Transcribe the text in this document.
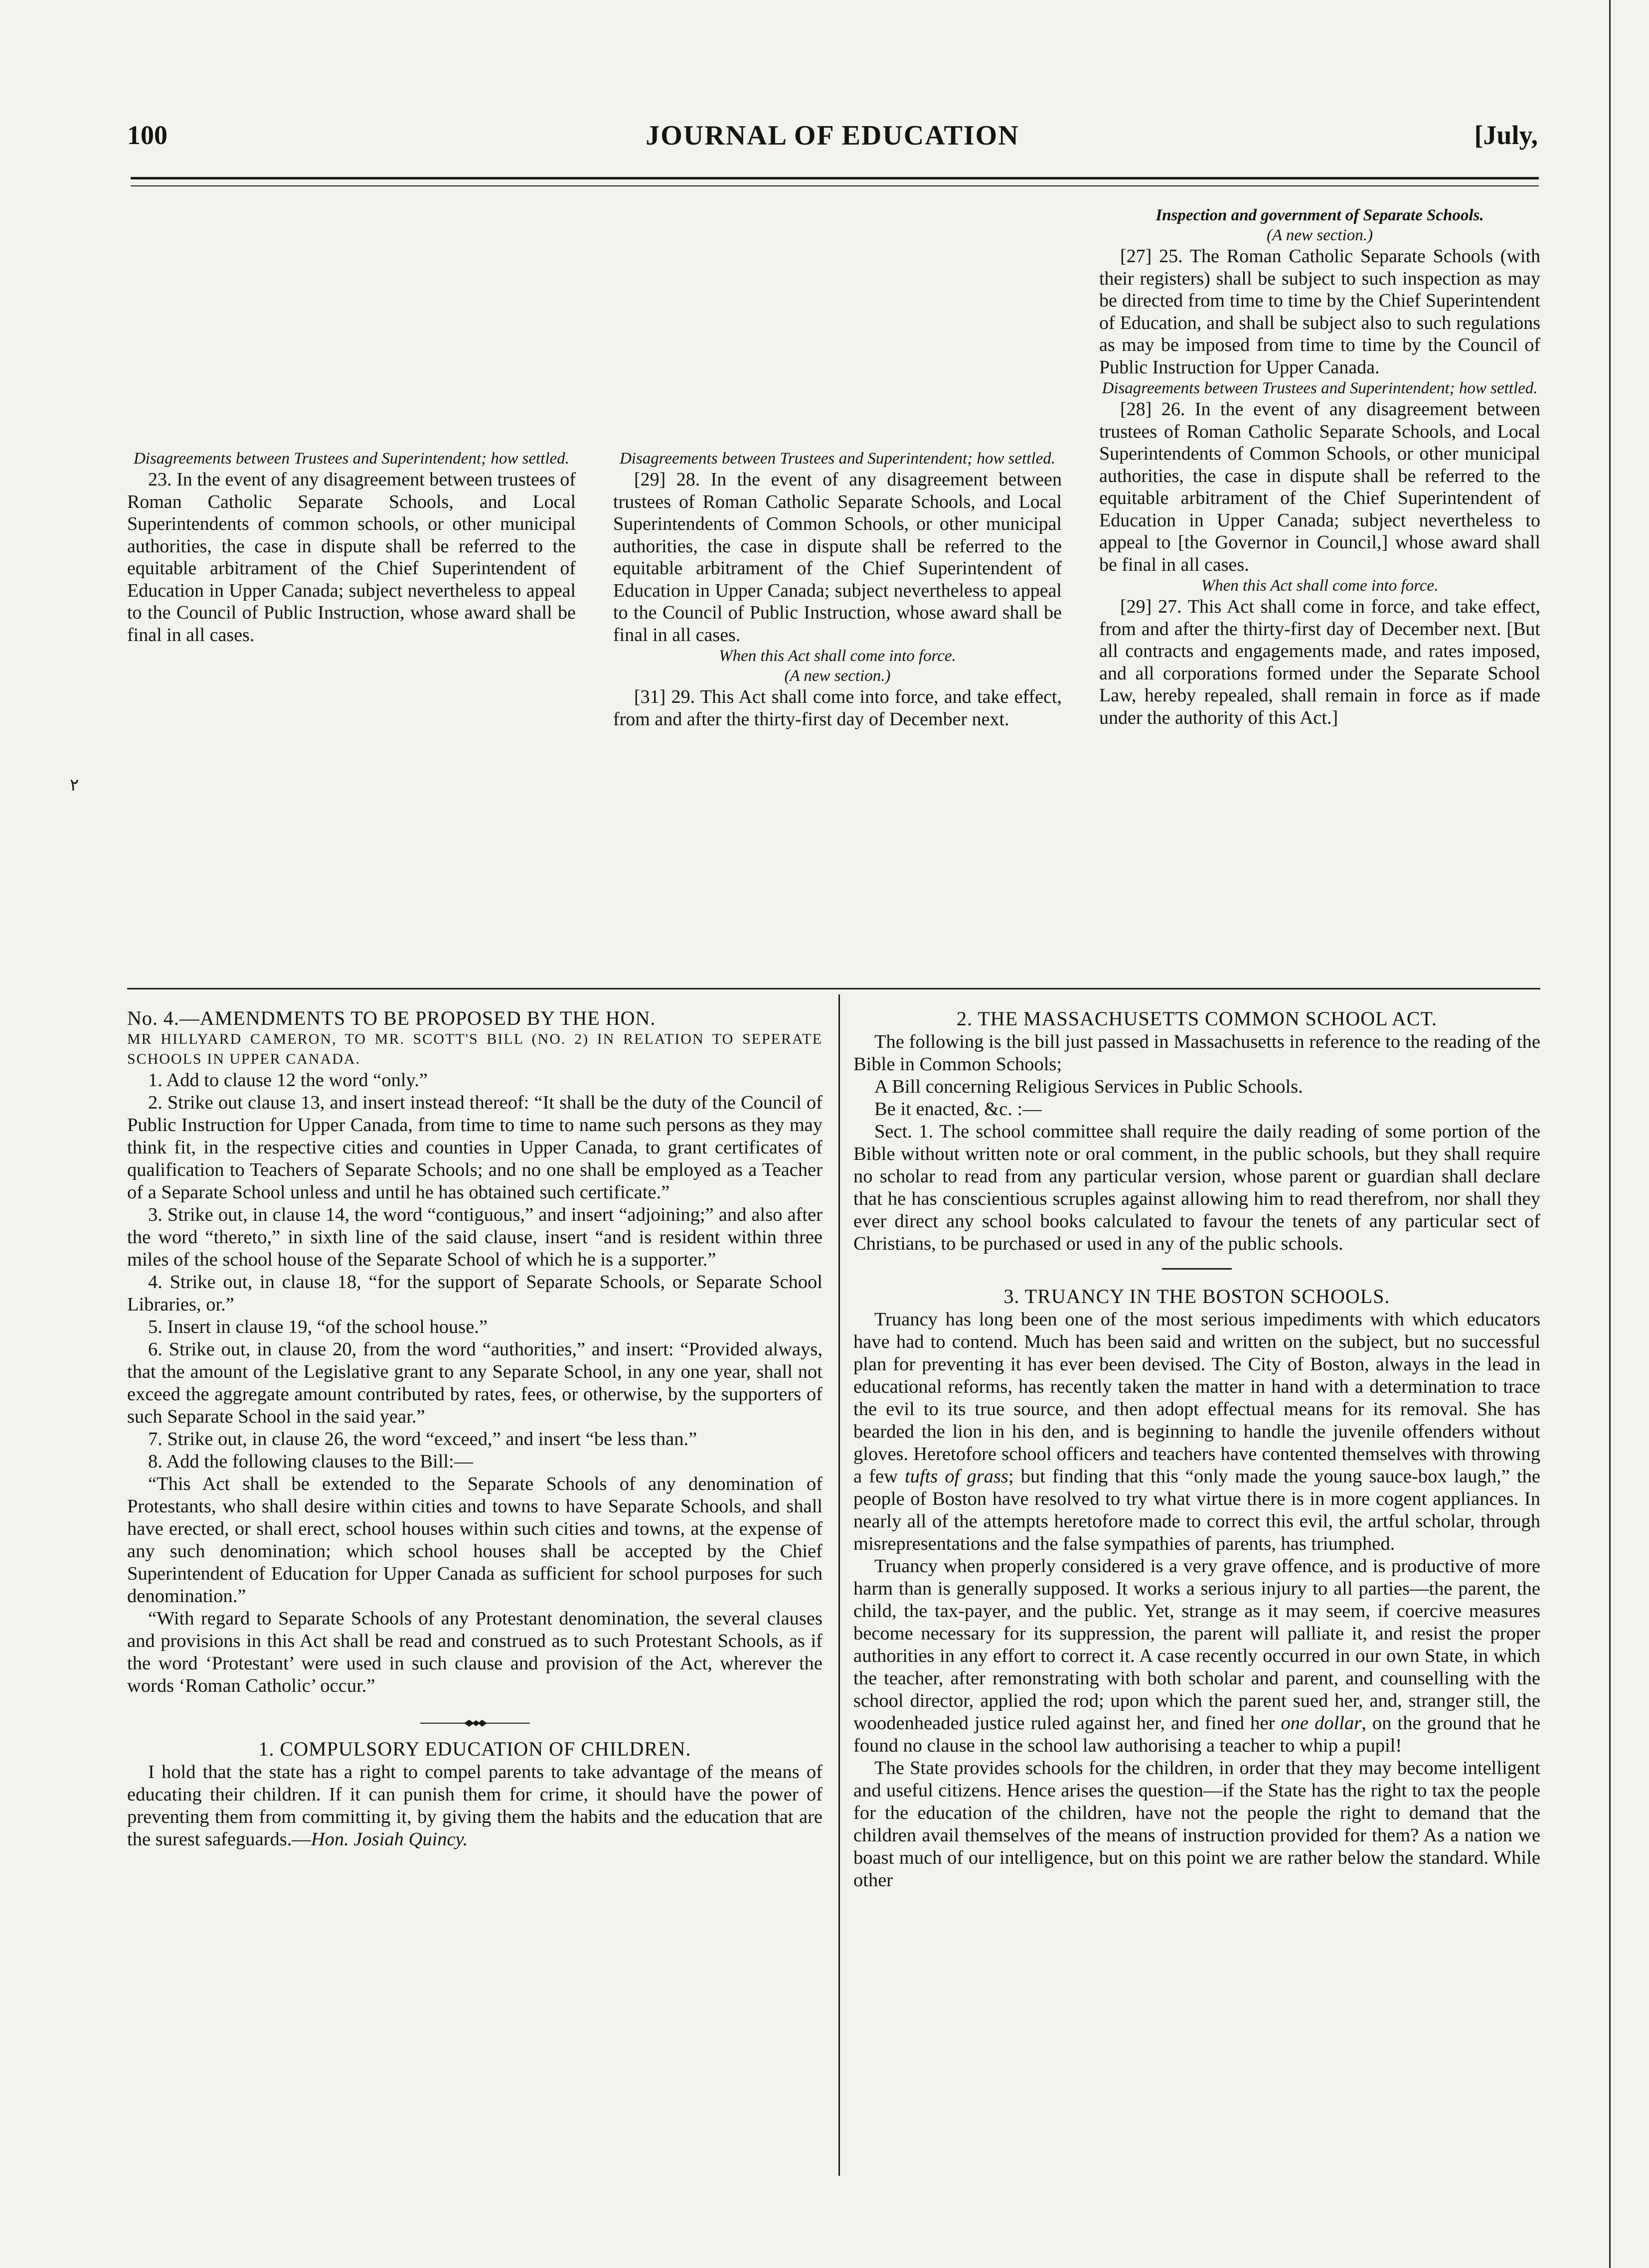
100	JOURNAL OF EDUCATION	[July,

Inspection and government of Separate Schools.

(A new section.)

[27] 25. The Roman Catholic Separate Schools (with their registers) shall be subject to such inspection as may be directed from time to time by the Chief Superintendent of Education, and shall be subject also to such regulations as may be imposed from time to time by the Council of Public Instruction for Upper Canada.

Disagreements between Trustees and Superintendent; how settled.

[28] 26. In the event of any disagreement between trustees of Roman Catholic Separate Schools, and Local Superintendents of Common Schools, or other municipal authorities, the case in dispute shall be referred to the equitable arbitrament of the Chief Superintendent of Education in Upper Canada; subject nevertheless to appeal to [the Governor in Council,] whose award shall be final in all cases.

When this Act shall come into force.

[29] 27. This Act shall come in force, and take effect, from and after the thirty-first day of December next. [But all contracts and engagements made, and rates imposed, and all corporations formed under the Separate School Law, hereby repealed, shall remain in force as if made under the authority of this Act.]

Disagreements between Trustees and Superintendent; how settled.

23. In the event of any disagreement between trustees of Roman Catholic Separate Schools, and Local Superintendents of common schools, or other municipal authorities, the case in dispute shall be referred to the equitable arbitrament of the Chief Superintendent of Education in Upper Canada; subject nevertheless to appeal to the Council of Public Instruction, whose award shall be final in all cases.

Disagreements between Trustees and Superintendent; how settled.

[29] 28. In the event of any disagreement between trustees of Roman Catholic Separate Schools, and Local Superintendents of Common Schools, or other municipal authorities, the case in dispute shall be referred to the equitable arbitrament of the Chief Superintendent of Education in Upper Canada; subject nevertheless to appeal to the Council of Public Instruction, whose award shall be final in all cases.

When this Act shall come into force.

(A new section.)

[31] 29. This Act shall come into force, and take effect, from and after the thirty-first day of December next.

٢

No. 4.—AMENDMENTS TO BE PROPOSED BY THE HON.

MR HILLYARD CAMERON, TO MR. SCOTT'S BILL (NO. 2) IN RELATION TO SEPERATE SCHOOLS IN UPPER CANADA.

1. Add to clause 12 the word “only.”

2. Strike out clause 13, and insert instead thereof: “It shall be the duty of the Council of Public Instruction for Upper Canada, from time to time to name such persons as they may think fit, in the respective cities and counties in Upper Canada, to grant certificates of qualification to Teachers of Separate Schools; and no one shall be employed as a Teacher of a Separate School unless and until he has obtained such certificate.”

3. Strike out, in clause 14, the word “contiguous,” and insert “adjoining;” and also after the word “thereto,” in sixth line of the said clause, insert “and is resident within three miles of the school house of the Separate School of which he is a supporter.”

4. Strike out, in clause 18, “for the support of Separate Schools, or Separate School Libraries, or.”

5. Insert in clause 19, “of the school house.”

6. Strike out, in clause 20, from the word “authorities,” and insert: “Provided always, that the amount of the Legislative grant to any Separate School, in any one year, shall not exceed the aggregate amount contributed by rates, fees, or otherwise, by the supporters of such Separate School in the said year.”

7. Strike out, in clause 26, the word “exceed,” and insert “be less than.”

8. Add the following clauses to the Bill:—

“This Act shall be extended to the Separate Schools of any denomination of Protestants, who shall desire within cities and towns to have Separate Schools, and shall have erected, or shall erect, school houses within such cities and towns, at the expense of any such denomination; which school houses shall be accepted by the Chief Superintendent of Education for Upper Canada as sufficient for school purposes for such denomination.”

“With regard to Separate Schools of any Protestant denomination, the several clauses and provisions in this Act shall be read and construed as to such Protestant Schools, as if the word ‘Protestant’ were used in such clause and provision of the Act, wherever the words ‘Roman Catholic’ occur.”

1. COMPULSORY EDUCATION OF CHILDREN.

I hold that the state has a right to compel parents to take advantage of the means of educating their children. If it can punish them for crime, it should have the power of preventing them from committing it, by giving them the habits and the education that are the surest safeguards.—Hon. Josiah Quincy.

2. THE MASSACHUSETTS COMMON SCHOOL ACT.

The following is the bill just passed in Massachusetts in reference to the reading of the Bible in Common Schools;

A Bill concerning Religious Services in Public Schools.

Be it enacted, &c. :—

Sect. 1. The school committee shall require the daily reading of some portion of the Bible without written note or oral comment, in the public schools, but they shall require no scholar to read from any particular version, whose parent or guardian shall declare that he has conscientious scruples against allowing him to read therefrom, nor shall they ever direct any school books calculated to favour the tenets of any particular sect of Christians, to be purchased or used in any of the public schools.

3. TRUANCY IN THE BOSTON SCHOOLS.

Truancy has long been one of the most serious impediments with which educators have had to contend. Much has been said and written on the subject, but no successful plan for preventing it has ever been devised. The City of Boston, always in the lead in educational reforms, has recently taken the matter in hand with a determination to trace the evil to its true source, and then adopt effectual means for its removal. She has bearded the lion in his den, and is beginning to handle the juvenile offenders without gloves. Heretofore school officers and teachers have contented themselves with throwing a few tufts of grass; but finding that this “only made the young sauce-box laugh,” the people of Boston have resolved to try what virtue there is in more cogent appliances. In nearly all of the attempts heretofore made to correct this evil, the artful scholar, through misrepresentations and the false sympathies of parents, has triumphed.

Truancy when properly considered is a very grave offence, and is productive of more harm than is generally supposed. It works a serious injury to all parties—the parent, the child, the tax-payer, and the public. Yet, strange as it may seem, if coercive measures become necessary for its suppression, the parent will palliate it, and resist the proper authorities in any effort to correct it. A case recently occurred in our own State, in which the teacher, after remonstrating with both scholar and parent, and counselling with the school director, applied the rod; upon which the parent sued her, and, stranger still, the woodenheaded justice ruled against her, and fined her one dollar, on the ground that he found no clause in the school law authorising a teacher to whip a pupil!

The State provides schools for the children, in order that they may become intelligent and useful citizens. Hence arises the question—if the State has the right to tax the people for the education of the children, have not the people the right to demand that the children avail themselves of the means of instruction provided for them? As a nation we boast much of our intelligence, but on this point we are rather below the standard. While other
